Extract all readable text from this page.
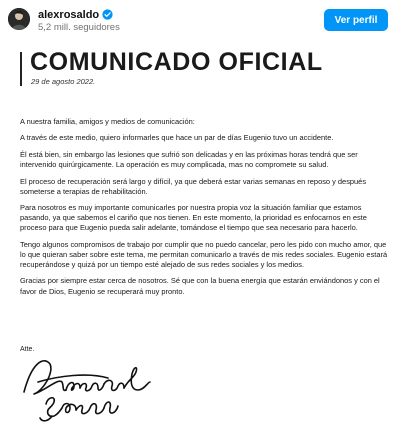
alexrosaldo
5,2 mill. seguidores
Ver perfil
COMUNICADO OFICIAL
29 de agosto 2022.

A nuestra familia, amigos y medios de comunicación:

A través de este medio, quiero informarles que hace un par de días Eugenio tuvo un accidente.

Él está bien, sin embargo las lesiones que sufrió son delicadas y en las próximas horas tendrá que ser intervenido quirúrgicamente. La operación es muy complicada, mas no compromete su salud.

El proceso de recuperación será largo y difícil, ya que deberá estar varias semanas en reposo y después someterse a terapias de rehabilitación.

Para nosotros es muy importante comunicarles por nuestra propia voz la situación familiar que estamos pasando, ya que sabemos el cariño que nos tienen. En este momento, la prioridad es enfocarnos en este proceso para que Eugenio pueda salir adelante, tomándose el tiempo que sea necesario para hacerlo.

Tengo algunos compromisos de trabajo por cumplir que no puedo cancelar, pero les pido con mucho amor, que lo que quieran saber sobre este tema, me permitan comunicarlo a través de mis redes sociales. Eugenio estará recuperándose y quizá por un tiempo esté alejado de sus redes sociales y los medios.

Gracias por siempre estar cerca de nosotros. Sé que con la buena energía que estarán enviándonos y con el favor de Dios, Eugenio se recuperará muy pronto.

Atte.
